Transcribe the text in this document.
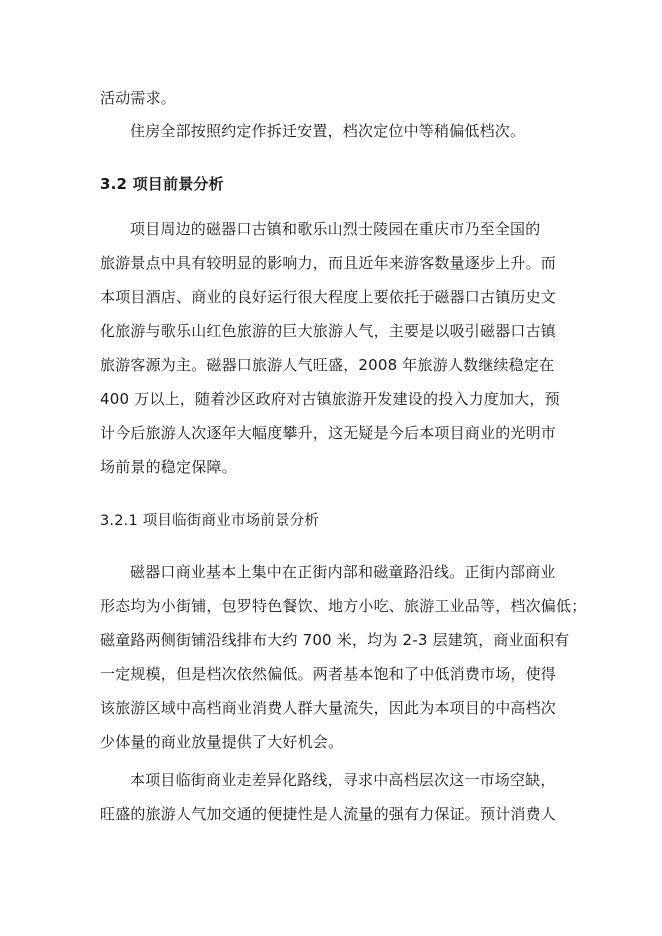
活动需求。
住房全部按照约定作拆迁安置，档次定位中等稍偏低档次。
3.2 项目前景分析
项目周边的磁器口古镇和歌乐山烈士陵园在重庆市乃至全国的
旅游景点中具有较明显的影响力，而且近年来游客数量逐步上升。而
本项目酒店、商业的良好运行很大程度上要依托于磁器口古镇历史文
化旅游与歌乐山红色旅游的巨大旅游人气，主要是以吸引磁器口古镇
旅游客源为主。磁器口旅游人气旺盛，2008 年旅游人数继续稳定在
400 万以上，随着沙区政府对古镇旅游开发建设的投入力度加大，预
计今后旅游人次逐年大幅度攀升，这无疑是今后本项目商业的光明市
场前景的稳定保障。
3.2.1 项目临街商业市场前景分析
磁器口商业基本上集中在正街内部和磁童路沿线。正街内部商业
形态均为小街铺，包罗特色餐饮、地方小吃、旅游工业品等，档次偏低；
磁童路两侧街铺沿线排布大约 700 米，均为 2-3 层建筑，商业面积有
一定规模，但是档次依然偏低。两者基本饱和了中低消费市场，使得
该旅游区域中高档商业消费人群大量流失，因此为本项目的中高档次
少体量的商业放量提供了大好机会。
本项目临街商业走差异化路线，寻求中高档层次这一市场空缺，
旺盛的旅游人气加交通的便捷性是人流量的强有力保证。预计消费人
